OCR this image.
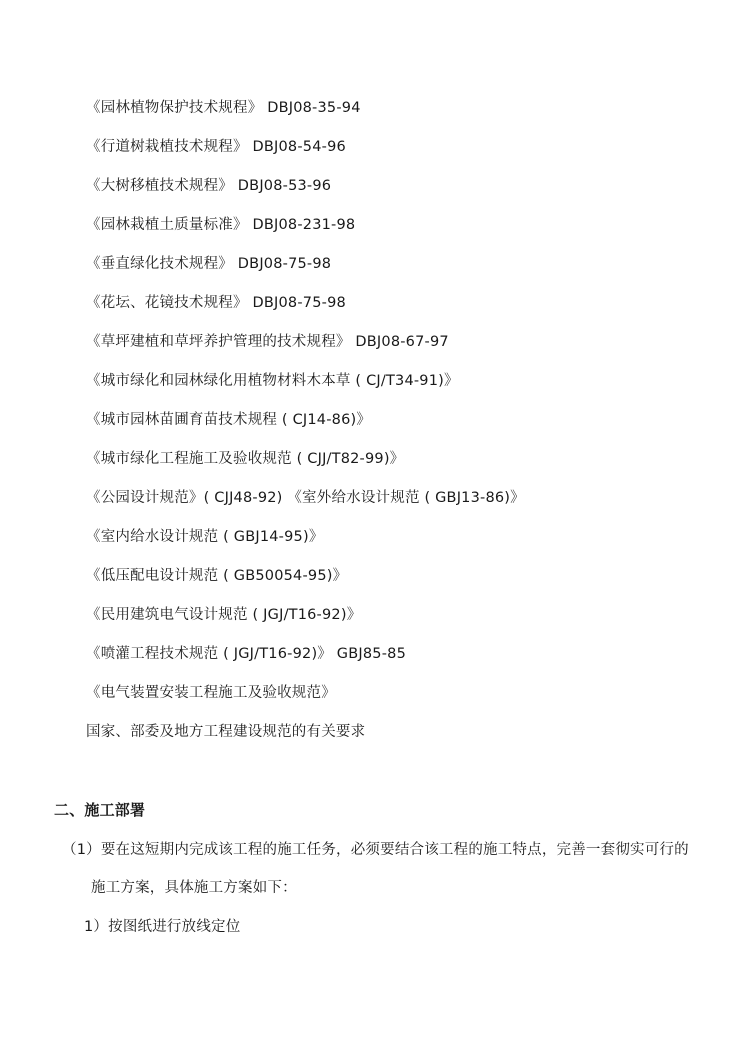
《园林植物保护技术规程》 DBJ08-35-94
《行道树栽植技术规程》 DBJ08-54-96
《大树移植技术规程》 DBJ08-53-96
《园林栽植土质量标准》 DBJ08-231-98
《垂直绿化技术规程》 DBJ08-75-98
《花坛、花镜技术规程》 DBJ08-75-98
《草坪建植和草坪养护管理的技术规程》 DBJ08-67-97
《城市绿化和园林绿化用植物材料木本草 ( CJ/T34-91)》
《城市园林苗圃育苗技术规程 ( CJ14-86)》
《城市绿化工程施工及验收规范 ( CJJ/T82-99)》
《公园设计规范》( CJJ48-92) 《室外给水设计规范 ( GBJ13-86)》
《室内给水设计规范 ( GBJ14-95)》
《低压配电设计规范 ( GB50054-95)》
《民用建筑电气设计规范 ( JGJ/T16-92)》
《喷灌工程技术规范 ( JGJ/T16-92)》 GBJ85-85
《电气装置安装工程施工及验收规范》
国家、部委及地方工程建设规范的有关要求
二、施工部署
（1）要在这短期内完成该工程的施工任务，必须要结合该工程的施工特点，完善一套彻实可行的
施工方案，具体施工方案如下：
1）按图纸进行放线定位
